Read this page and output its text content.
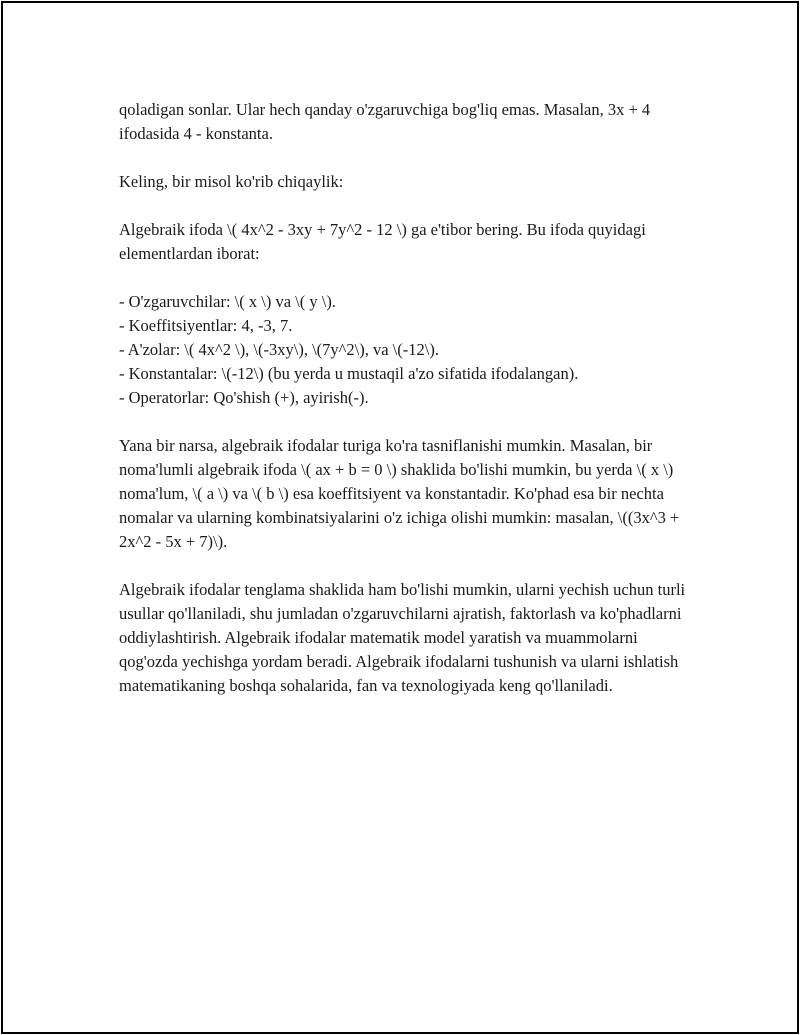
qoladigan sonlar. Ular hech qanday o'zgaruvchiga bog'liq emas. Masalan, 3x + 4 ifodasida 4 - konstanta.

Keling, bir misol ko'rib chiqaylik:

Algebraik ifoda \( 4x^2 - 3xy + 7y^2 - 12 \) ga e'tibor bering. Bu ifoda quyidagi elementlardan iborat:

- O'zgaruvchilar: \( x \) va \( y \).
- Koeffitsiyentlar: 4, -3, 7.
- A'zolar: \( 4x^2 \), \(-3xy\), \(7y^2\), va \(-12\).
- Konstantalar: \(-12\) (bu yerda u mustaqil a'zo sifatida ifodalangan).
- Operatorlar: Qo'shish (+), ayirish(-).

Yana bir narsa, algebraik ifodalar turiga ko'ra tasniflanishi mumkin. Masalan, bir noma'lumli algebraik ifoda \( ax + b = 0 \) shaklida bo'lishi mumkin, bu yerda \( x \) noma'lum, \( a \) va \( b \) esa koeffitsiyent va konstantadir. Ko'phad esa bir nechta nomalar va ularning kombinatsiyalarini o'z ichiga olishi mumkin: masalan, \((3x^3 + 2x^2 - 5x + 7)\).

Algebraik ifodalar tenglama shaklida ham bo'lishi mumkin, ularni yechish uchun turli usullar qo'llaniladi, shu jumladan o'zgaruvchilarni ajratish, faktorlash va ko'phadlarni oddiylashtirish. Algebraik ifodalar matematik model yaratish va muammolarni qog'ozda yechishga yordam beradi. Algebraik ifodalarni tushunish va ularni ishlatish matematikaning boshqa sohalarida, fan va texnologiyada keng qo'llaniladi.
